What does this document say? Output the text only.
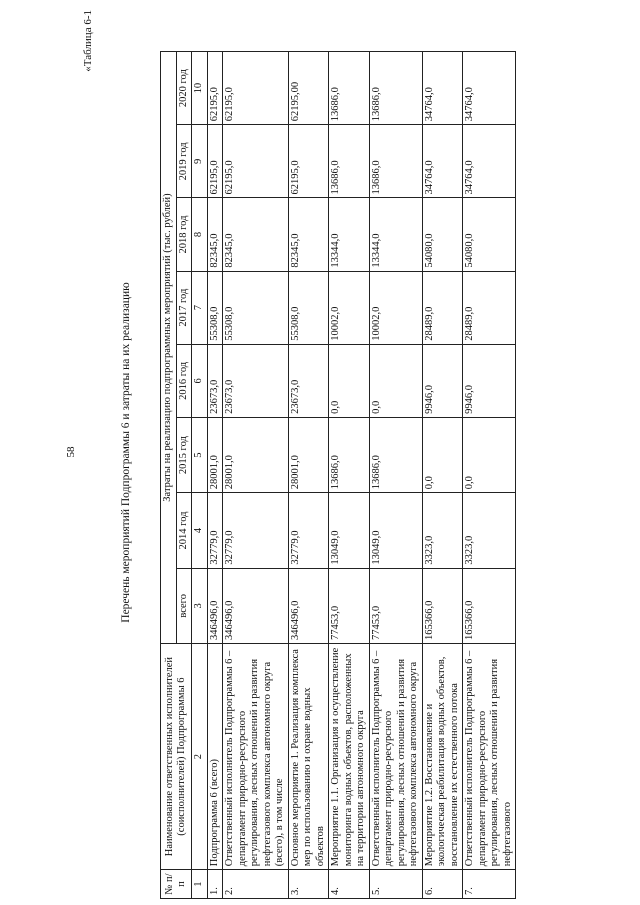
58
«Таблица 6-1
Перечень мероприятий Подпрограммы 6 и затраты на их реализацию
№ п/п	Наименование ответственных исполнителей (соисполнителей) Подпрограммы 6	Затраты на реализацию подпрограммных мероприятий (тыс. рублей)							
		всего	2014 год	2015 год	2016 год	2017 год	2018 год	2019 год	2020 год
1	2	3	4	5	6	7	8	9	10
1.	Подпрограмма 6 (всего)	346496,0	32779,0	28001,0	23673,0	55308,0	82345,0	62195,0	62195,0
2.	Ответственный исполнитель Подпрограммы 6 – департамент природно-ресурсного регулирования, лесных отношений и развития нефтегазового комплекса автономного округа (всего), в том числе	346496,0	32779,0	28001,0	23673,0	55308,0	82345,0	62195,0	62195,0
3.	Основное мероприятие 1. Реализация комплекса мер по использованию и охране водных объектов	346496,0	32779,0	28001,0	23673,0	55308,0	82345,0	62195,0	62195,00
4.	Мероприятие 1.1. Организация и осуществление мониторинга водных объектов, расположенных на территории автономного округа	77453,0	13049,0	13686,0	0,0	10002,0	13344,0	13686,0	13686,0
5.	Ответственный исполнитель Подпрограммы 6 – департамент природно-ресурсного регулирования, лесных отношений и развития нефтегазового комплекса автономного округа	77453,0	13049,0	13686,0	0,0	10002,0	13344,0	13686,0	13686,0
6.	Мероприятие 1.2. Восстановление и экологическая реабилитация водных объектов, восстановление их естественного потока	165366,0	3323,0	0,0	9946,0	28489,0	54080,0	34764,0	34764,0
7.	Ответственный исполнитель Подпрограммы 6 – департамент природно-ресурсного регулирования, лесных отношений и развития нефтегазового	165366,0	3323,0	0,0	9946,0	28489,0	54080,0	34764,0	34764,0
